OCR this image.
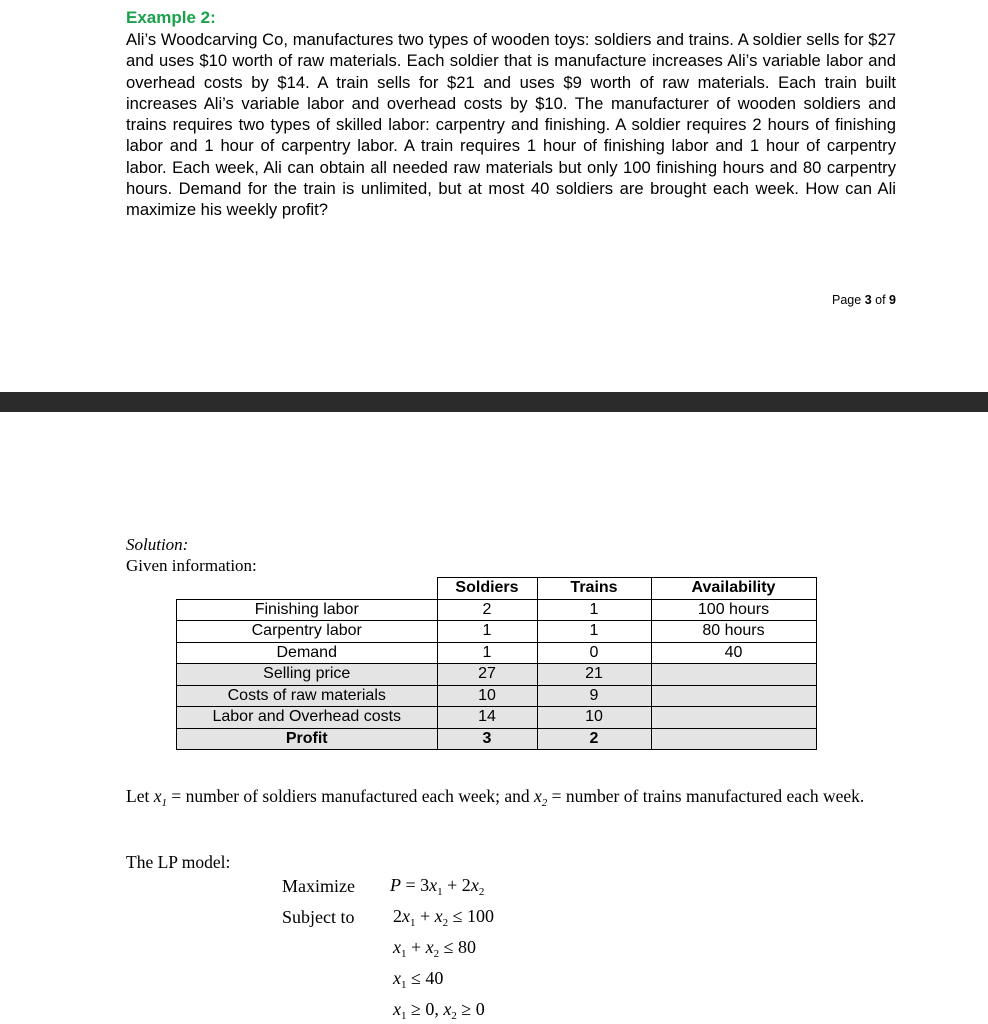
Example 2:
Ali’s Woodcarving Co, manufactures two types of wooden toys: soldiers and trains. A soldier sells for $27 and uses $10 worth of raw materials. Each soldier that is manufacture increases Ali’s variable labor and overhead costs by $14. A train sells for $21 and uses $9 worth of raw materials. Each train built increases Ali’s variable labor and overhead costs by $10. The manufacturer of wooden soldiers and trains requires two types of skilled labor: carpentry and finishing. A soldier requires 2 hours of finishing labor and 1 hour of carpentry labor. A train requires 1 hour of finishing labor and 1 hour of carpentry labor. Each week, Ali can obtain all needed raw materials but only 100 finishing hours and 80 carpentry hours. Demand for the train is unlimited, but at most 40 soldiers are brought each week. How can Ali maximize his weekly profit?
Page 3 of 9
Solution:
Given information:
	Soldiers	Trains	Availability
Finishing labor	2	1	100 hours
Carpentry labor	1	1	80 hours
Demand	1	0	40
Selling price	27	21	
Costs of raw materials	10	9	
Labor and Overhead costs	14	10	
Profit	3	2	
Let $x_1$ = number of soldiers manufactured each week; and $x_2$ = number of trains manufactured each week.
The LP model:
Maximize
Subject to
$P = 3x_1 + 2x_2$
$2x_1 + x_2 \le 100$
$x_1 + x_2 \le 80$
$x_1 \le 40$
$x_1 \ge 0$, $x_2 \ge 0$
